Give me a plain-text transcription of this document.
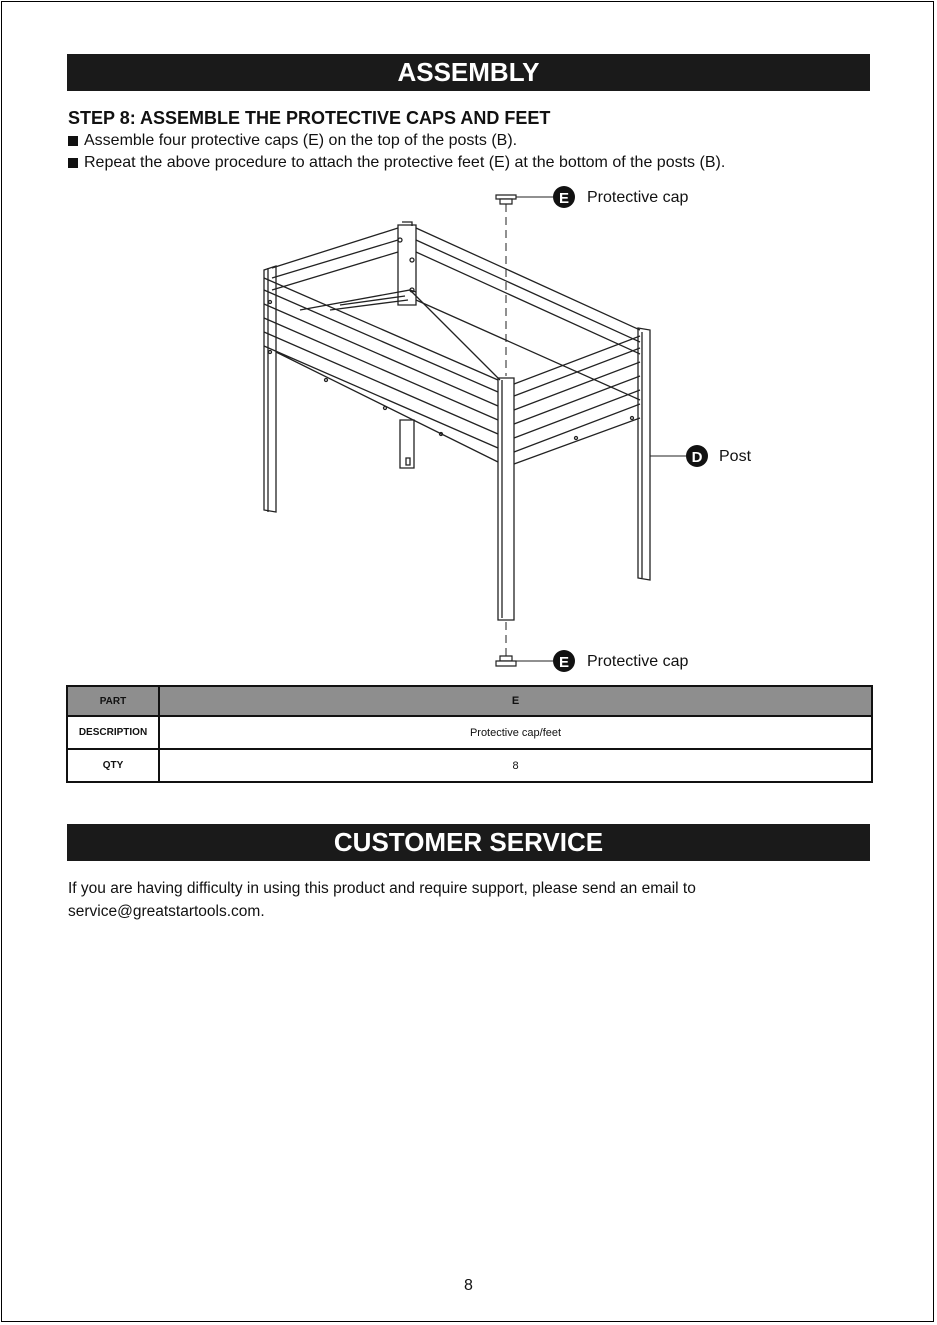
ASSEMBLY
STEP 8: ASSEMBLE THE PROTECTIVE CAPS AND FEET
Assemble four protective caps (E) on the top of the posts (B).
Repeat the above procedure to attach the protective feet (E) at the bottom of the posts (B).
E Protective cap
D Post
E Protective cap
PART	E
DESCRIPTION	Protective cap/feet
QTY	8
CUSTOMER SERVICE
If you are having difficulty in using this product and require support, please send an email to service@greatstartools.com.
8
